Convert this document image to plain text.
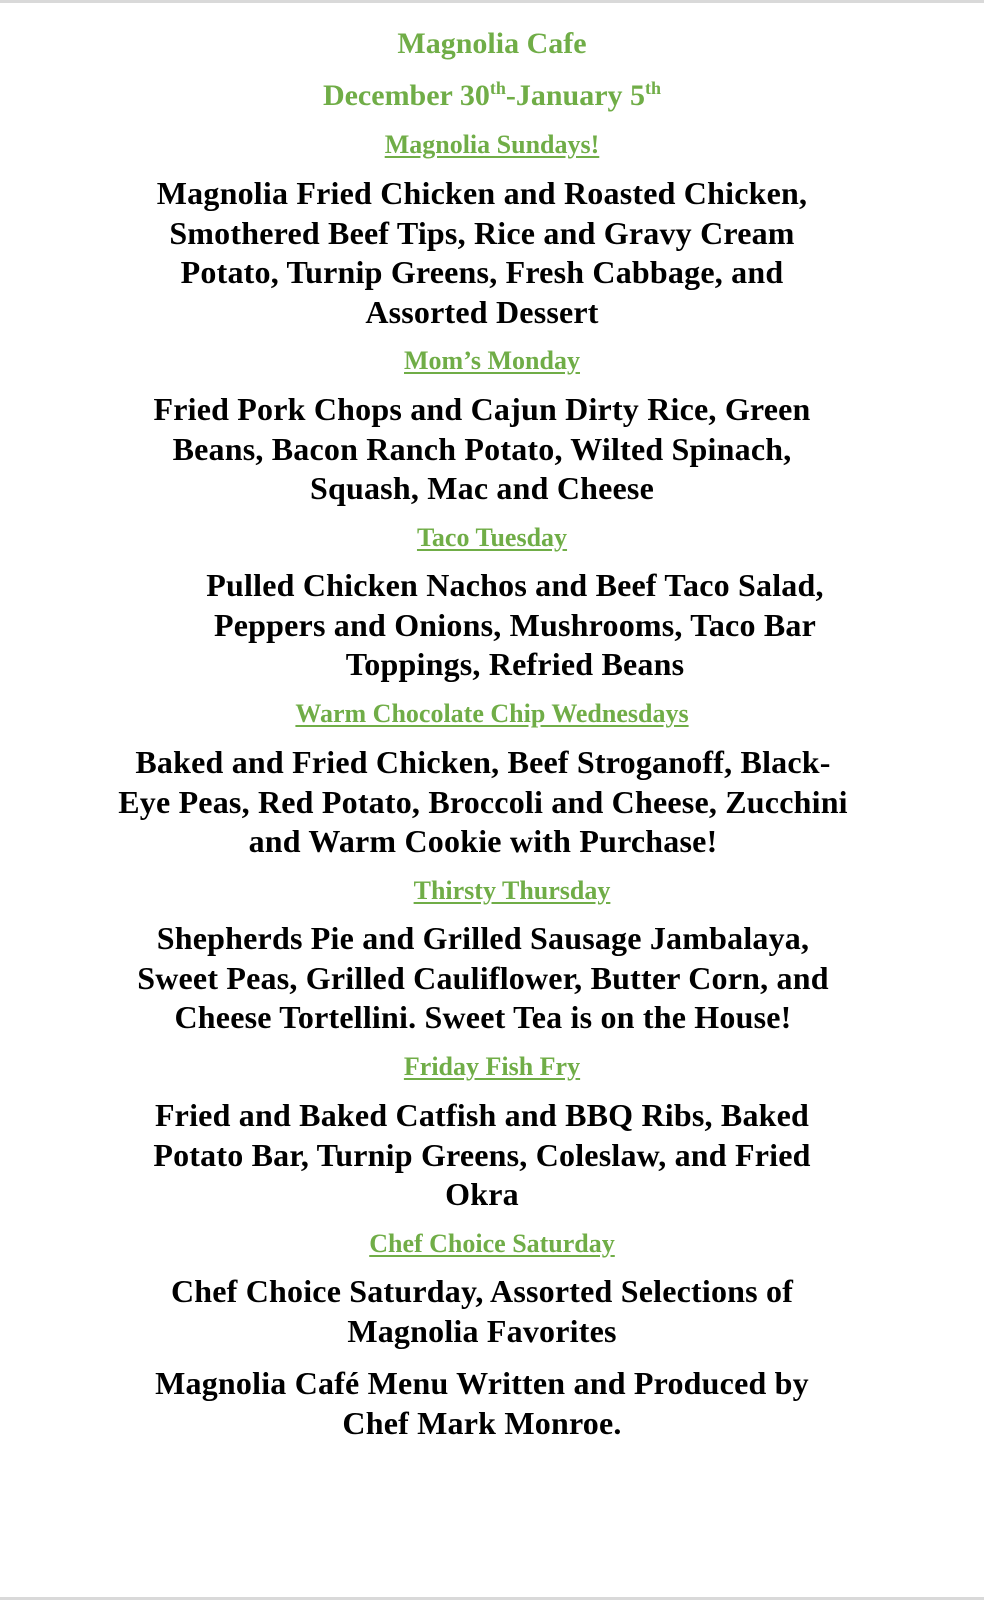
Magnolia Cafe
December 30th-January 5th
Magnolia Sundays!
Magnolia Fried Chicken and Roasted Chicken, Smothered Beef Tips, Rice and Gravy Cream Potato, Turnip Greens, Fresh Cabbage, and Assorted Dessert
Mom’s Monday
Fried Pork Chops and Cajun Dirty Rice, Green Beans, Bacon Ranch Potato, Wilted Spinach, Squash, Mac and Cheese
Taco Tuesday
Pulled Chicken Nachos and Beef Taco Salad, Peppers and Onions, Mushrooms, Taco Bar Toppings, Refried Beans
Warm Chocolate Chip Wednesdays
Baked and Fried Chicken, Beef Stroganoff, Black-Eye Peas, Red Potato, Broccoli and Cheese, Zucchini and Warm Cookie with Purchase!
Thirsty Thursday
Shepherds Pie and Grilled Sausage Jambalaya, Sweet Peas, Grilled Cauliflower, Butter Corn, and Cheese Tortellini. Sweet Tea is on the House!
Friday Fish Fry
Fried and Baked Catfish and BBQ Ribs, Baked Potato Bar, Turnip Greens, Coleslaw, and Fried Okra
Chef Choice Saturday
Chef Choice Saturday, Assorted Selections of Magnolia Favorites
Magnolia Café Menu Written and Produced by Chef Mark Monroe.
